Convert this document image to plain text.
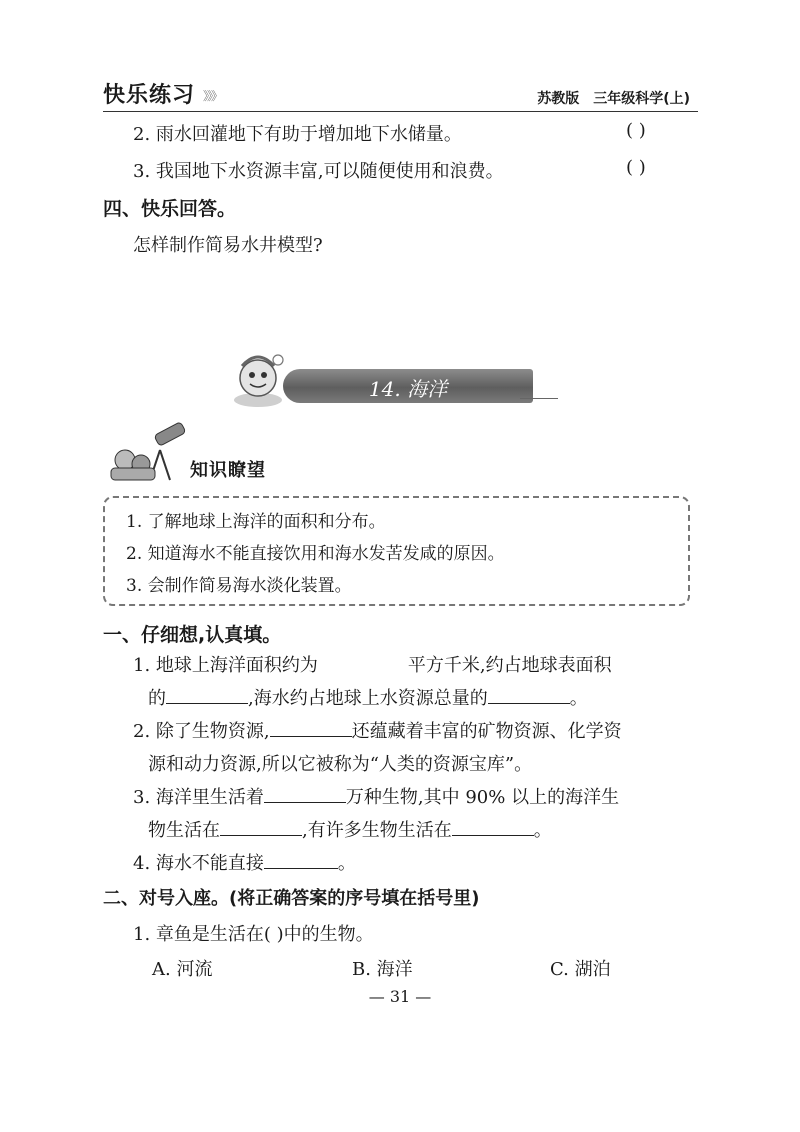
快乐练习 》》》	苏教版 三年级科学(上)
2. 雨水回灌地下有助于增加地下水储量。	( )
3. 我国地下水资源丰富,可以随便使用和浪费。	( )
四、快乐回答。
怎样制作简易水井模型?
14. 海洋
知识瞭望
1. 了解地球上海洋的面积和分布。
2. 知道海水不能直接饮用和海水发苦发咸的原因。
3. 会制作简易海水淡化装置。
一、仔细想,认真填。
1. 地球上海洋面积约为	平方千米,约占地球表面积
的	,海水约占地球上水资源总量的	。
2. 除了生物资源,	还蕴藏着丰富的矿物资源、化学资
源和动力资源,所以它被称为“人类的资源宝库”。
3. 海洋里生活着	万种生物,其中 90% 以上的海洋生
物生活在	,有许多生物生活在	。
4. 海水不能直接	。
二、对号入座。(将正确答案的序号填在括号里)
1. 章鱼是生活在( )中的生物。
A. 河流	B. 海洋	C. 湖泊
— 31 —
